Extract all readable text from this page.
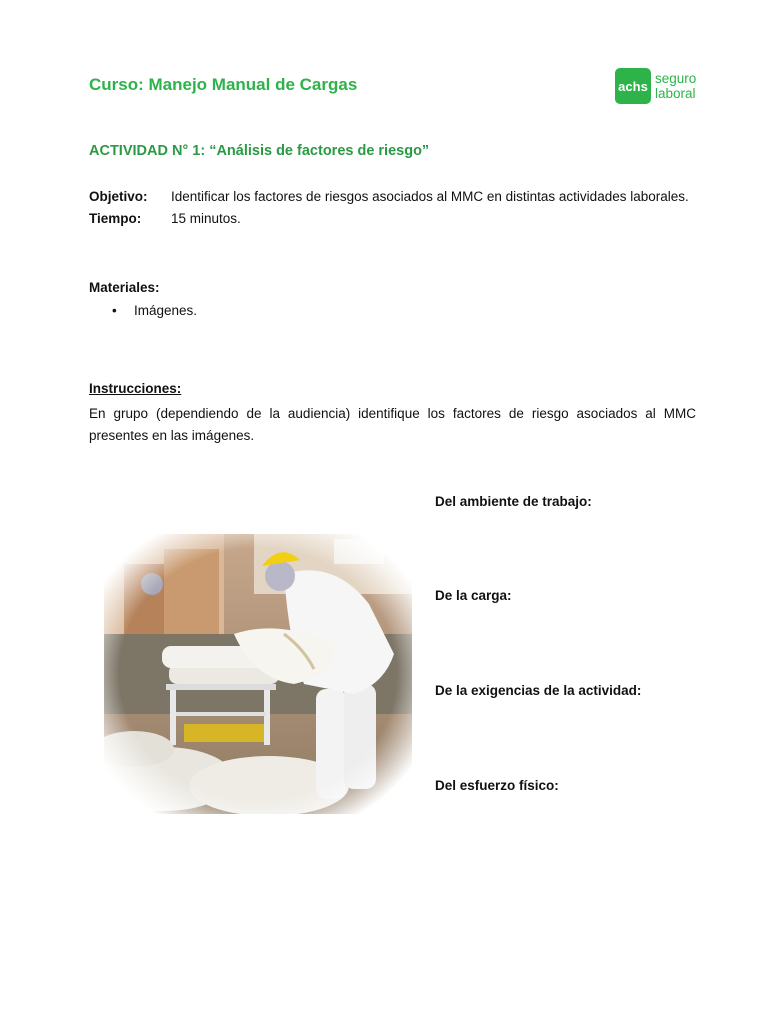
Curso: Manejo Manual de Cargas	achs seguro
laboral
ACTIVIDAD N° 1: “Análisis de factores de riesgo”
Objetivo: Identificar los factores de riesgos asociados al MMC en distintas actividades laborales.
Tiempo: 15 minutos.
Materiales:
• Imágenes.
Instrucciones:
En grupo (dependiendo de la audiencia) identifique los factores de riesgo asociados al MMC presentes en las imágenes.
Del ambiente de trabajo:
De la carga:
De la exigencias de la actividad:
Del esfuerzo físico:
